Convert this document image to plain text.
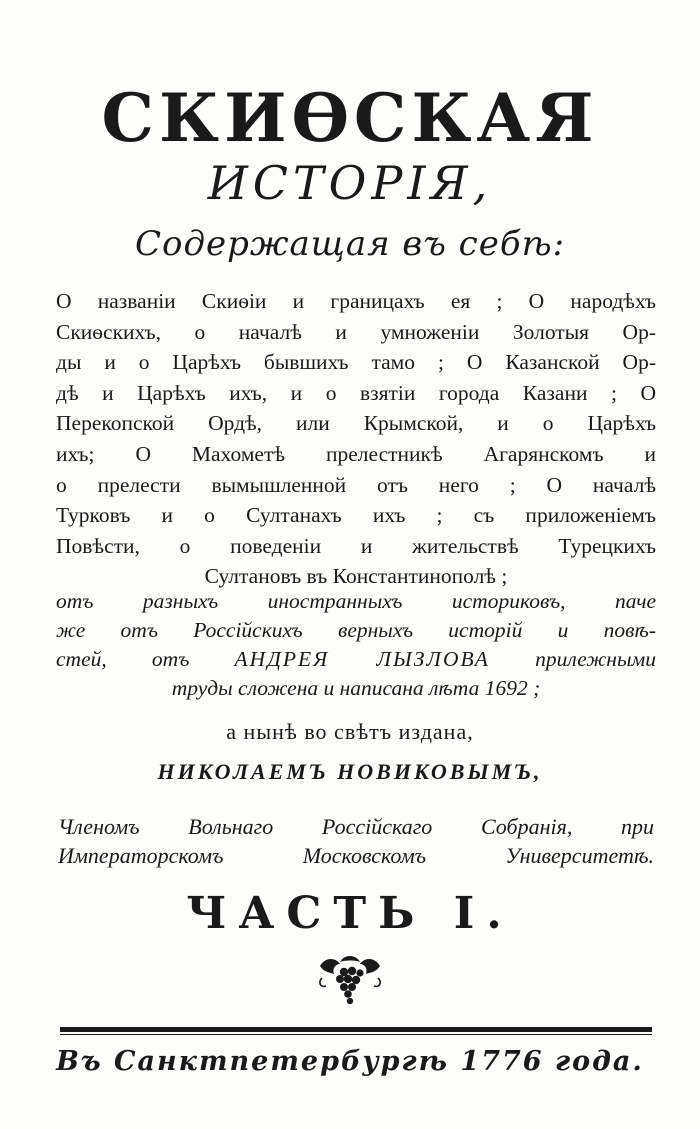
СКИѲСКАЯ
ИСТОРІЯ,
Содержащая въ себѣ:
О названіи Скиѳіи и границахъ ея ; О народѣхъ
Скиѳскихъ, о началѣ и умноженіи Золотыя Ор-
ды и о Царѣхъ бывшихъ тамо ; О Казанской Ор-
дѣ и Царѣхъ ихъ, и о взятіи города Казани ; О
Перекопской Ордѣ, или Крымской, и о Царѣхъ
ихъ; О Махометѣ прелестникѣ Агарянскомъ и
о прелести вымышленной отъ него ; О началѣ
Турковъ и о Султанахъ ихъ ; съ приложеніемъ
Повѣсти, о поведеніи и жительствѣ Турецкихъ
Султановъ въ Константинополѣ ;
отъ разныхъ иностранныхъ историковъ, паче
же отъ Россійскихъ верныхъ исторій и повѣ-
стей, отъ АНДРЕЯ ЛЫЗЛОВА прилежными
труды сложена и написана лѣта 1692 ;
а нынѣ во свѣтъ издана,
НИКОЛАЕМЪ НОВИКОВЫМЪ,
Членомъ Вольнаго Россійскаго Собранія, при
Императорскомъ Московскомъ Университетѣ.
ЧАСТЬ I.
Въ Санктпетербургѣ 1776 года.
